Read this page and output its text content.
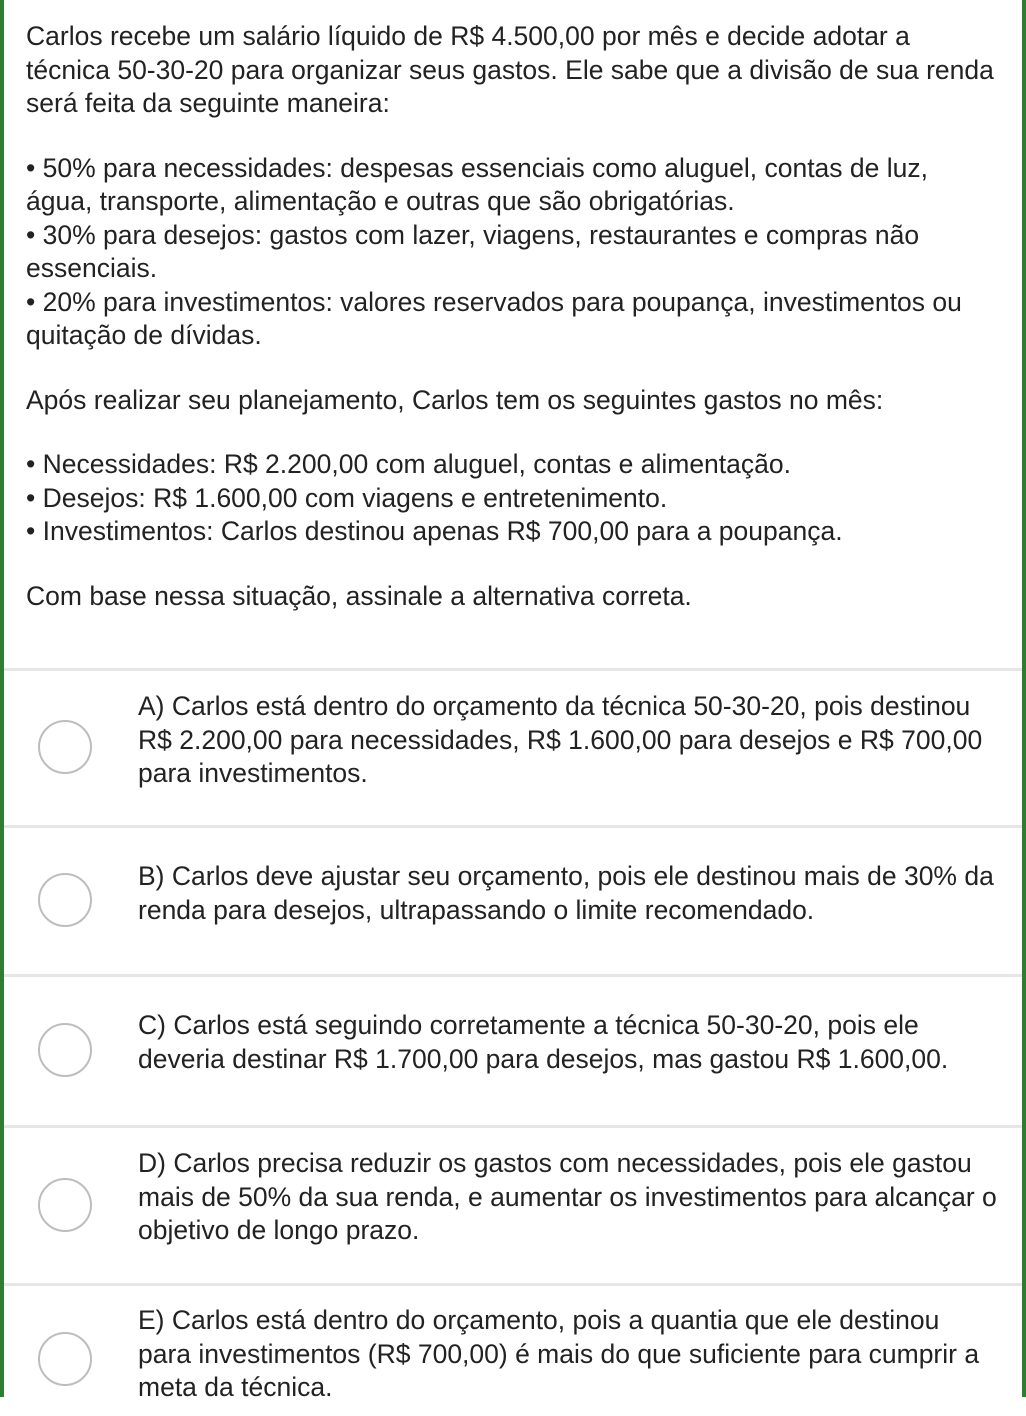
Carlos recebe um salário líquido de R$ 4.500,00 por mês e decide adotar a técnica 50-30-20 para organizar seus gastos. Ele sabe que a divisão de sua renda será feita da seguinte maneira:

• 50% para necessidades: despesas essenciais como aluguel, contas de luz, água, transporte, alimentação e outras que são obrigatórias.
• 30% para desejos: gastos com lazer, viagens, restaurantes e compras não essenciais.
• 20% para investimentos: valores reservados para poupança, investimentos ou quitação de dívidas.

Após realizar seu planejamento, Carlos tem os seguintes gastos no mês:

• Necessidades: R$ 2.200,00 com aluguel, contas e alimentação.
• Desejos: R$ 1.600,00 com viagens e entretenimento.
• Investimentos: Carlos destinou apenas R$ 700,00 para a poupança.

Com base nessa situação, assinale a alternativa correta.

A) Carlos está dentro do orçamento da técnica 50-30-20, pois destinou R$ 2.200,00 para necessidades, R$ 1.600,00 para desejos e R$ 700,00 para investimentos.
B) Carlos deve ajustar seu orçamento, pois ele destinou mais de 30% da renda para desejos, ultrapassando o limite recomendado.
C) Carlos está seguindo corretamente a técnica 50-30-20, pois ele deveria destinar R$ 1.700,00 para desejos, mas gastou R$ 1.600,00.
D) Carlos precisa reduzir os gastos com necessidades, pois ele gastou mais de 50% da sua renda, e aumentar os investimentos para alcançar o objetivo de longo prazo.
E) Carlos está dentro do orçamento, pois a quantia que ele destinou para investimentos (R$ 700,00) é mais do que suficiente para cumprir a meta da técnica.
